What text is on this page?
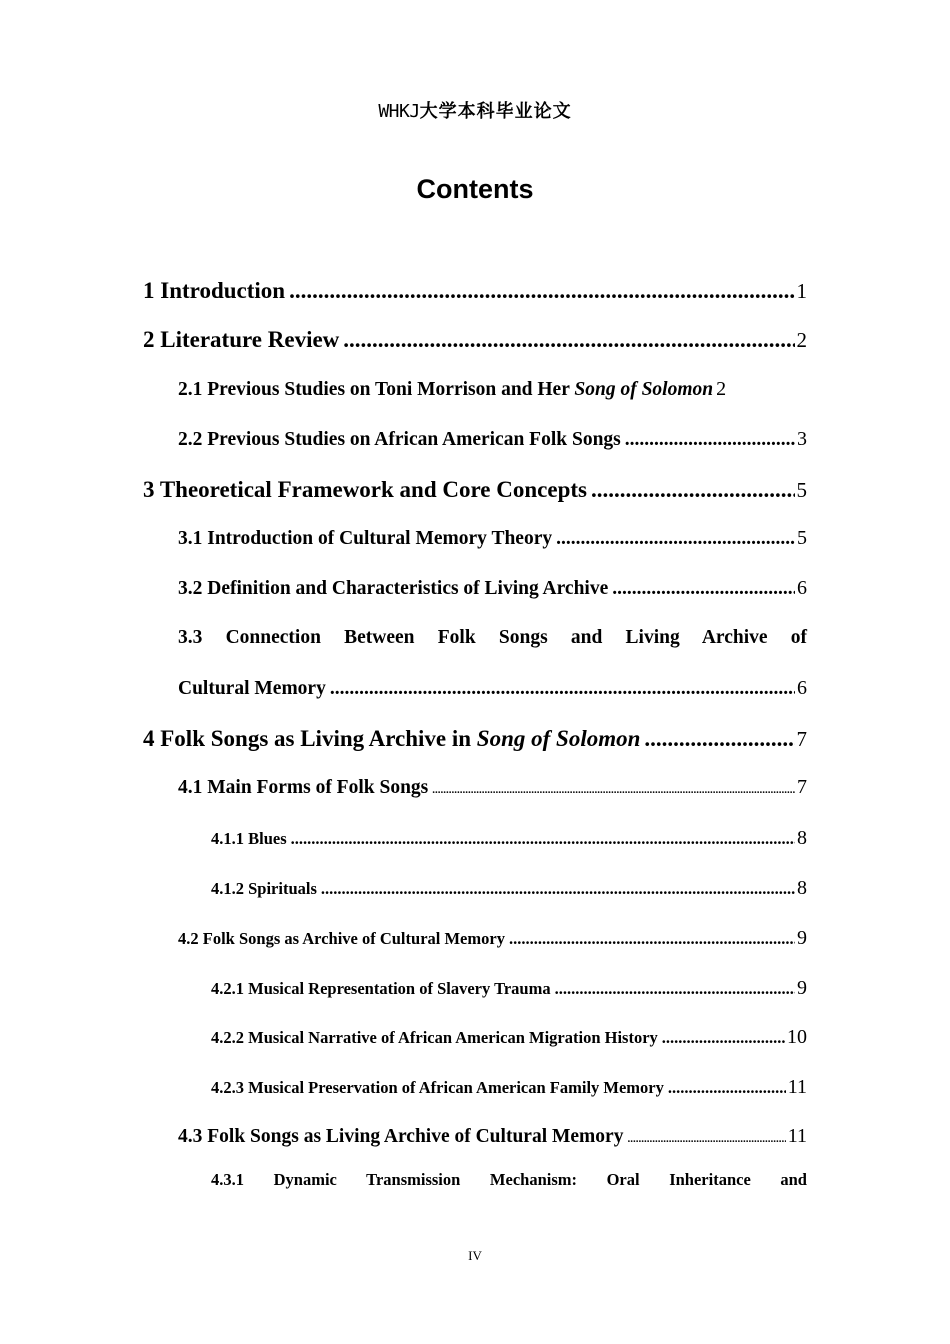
WHKJ大学本科毕业论文
Contents
1 Introduction .....	1
2 Literature Review .....	2
2.1 Previous Studies on Toni Morrison and Her Song of Solomon 2
2.2 Previous Studies on African American Folk Songs .....	3
3 Theoretical Framework and Core Concepts .....	5
3.1 Introduction of Cultural Memory Theory .....	5
3.2 Definition and Characteristics of Living Archive .....	6
3.3 Connection Between Folk Songs and Living Archive of
Cultural Memory .....	6
4 Folk Songs as Living Archive in Song of Solomon .....	7
4.1 Main Forms of Folk Songs .....	7
4.1.1 Blues .....	8
4.1.2 Spirituals .....	8
4.2 Folk Songs as Archive of Cultural Memory .....	9
4.2.1 Musical Representation of Slavery Trauma .....	9
4.2.2 Musical Narrative of African American Migration History .....	10
4.2.3 Musical Preservation of African American Family Memory .....	11
4.3 Folk Songs as Living Archive of Cultural Memory .....	11
4.3.1 Dynamic Transmission Mechanism: Oral Inheritance and
IV
